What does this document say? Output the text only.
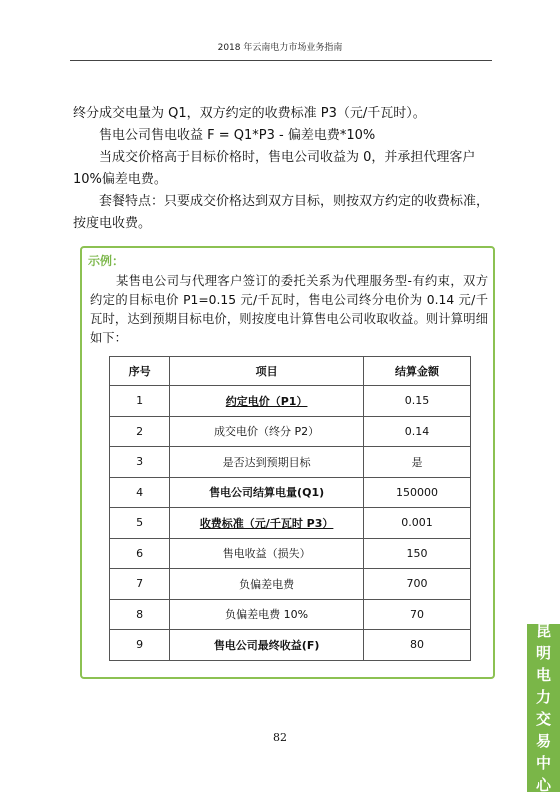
2018 年云南电力市场业务指南

终分成交电量为 Q1，双方约定的收费标准 P3（元/千瓦时）。

售电公司售电收益 F = Q1*P3 - 偏差电费*10%

当成交价格高于目标价格时，售电公司收益为 0，并承担代理客户 10%偏差电费。

套餐特点：只要成交价格达到双方目标，则按双方约定的收费标准，按度电收费。

示例：

某售电公司与代理客户签订的委托关系为代理服务型-有约束，双方约定的目标电价 P1=0.15 元/千瓦时，售电公司终分电价为 0.14 元/千瓦时，达到预期目标电价，则按度电计算售电公司收取收益。则计算明细如下：

序号	项目	结算金额
1	约定电价（P1）	0.15
2	成交电价（终分 P2）	0.14
3	是否达到预期目标	是
4	售电公司结算电量(Q1)	150000
5	收费标准（元/千瓦时 P3）	0.001
6	售电收益（损失）	150
7	负偏差电费	700
8	负偏差电费 10%	70
9	售电公司最终收益(F)	80
82
昆
明
电
力
交
易
中
心
